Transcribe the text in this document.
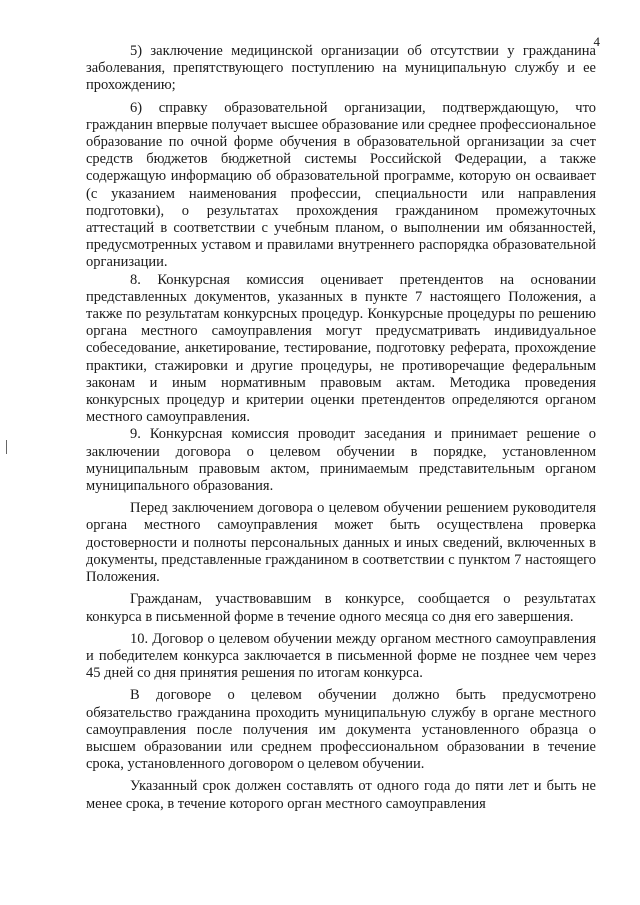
4

5) заключение медицинской организации об отсутствии у гражданина заболевания, препятствующего поступлению на муниципальную службу и ее прохождению;

6) справку образовательной организации, подтверждающую, что гражданин впервые получает высшее образование или среднее профессиональное образование по очной форме обучения в образовательной организации за счет средств бюджетов бюджетной системы Российской Федерации, а также содержащую информацию об образовательной программе, которую он осваивает (с указанием наименования профессии, специальности или направления подготовки), о результатах прохождения гражданином промежуточных аттестаций в соответствии с учебным планом, о выполнении им обязанностей, предусмотренных уставом и правилами внутреннего распорядка образовательной организации.

8. Конкурсная комиссия оценивает претендентов на основании представленных документов, указанных в пункте 7 настоящего Положения, а также по результатам конкурсных процедур. Конкурсные процедуры по решению органа местного самоуправления могут предусматривать индивидуальное собеседование, анкетирование, тестирование, подготовку реферата, прохождение практики, стажировки и другие процедуры, не противоречащие федеральным законам и иным нормативным правовым актам. Методика проведения конкурсных процедур и критерии оценки претендентов определяются органом местного самоуправления.

9. Конкурсная комиссия проводит заседания и принимает решение о заключении договора о целевом обучении в порядке, установленном муниципальным правовым актом, принимаемым представительным органом муниципального образования.

Перед заключением договора о целевом обучении решением руководителя органа местного самоуправления может быть осуществлена проверка достоверности и полноты персональных данных и иных сведений, включенных в документы, представленные гражданином в соответствии с пунктом 7 настоящего Положения.

Гражданам, участвовавшим в конкурсе, сообщается о результатах конкурса в письменной форме в течение одного месяца со дня его завершения.

10. Договор о целевом обучении между органом местного самоуправления и победителем конкурса заключается в письменной форме не позднее чем через 45 дней со дня принятия решения по итогам конкурса.

В договоре о целевом обучении должно быть предусмотрено обязательство гражданина проходить муниципальную службу в органе местного самоуправления после получения им документа установленного образца о высшем образовании или среднем профессиональном образовании в течение срока, установленного договором о целевом обучении.

Указанный срок должен составлять от одного года до пяти лет и быть не менее срока, в течение которого орган местного самоуправления
